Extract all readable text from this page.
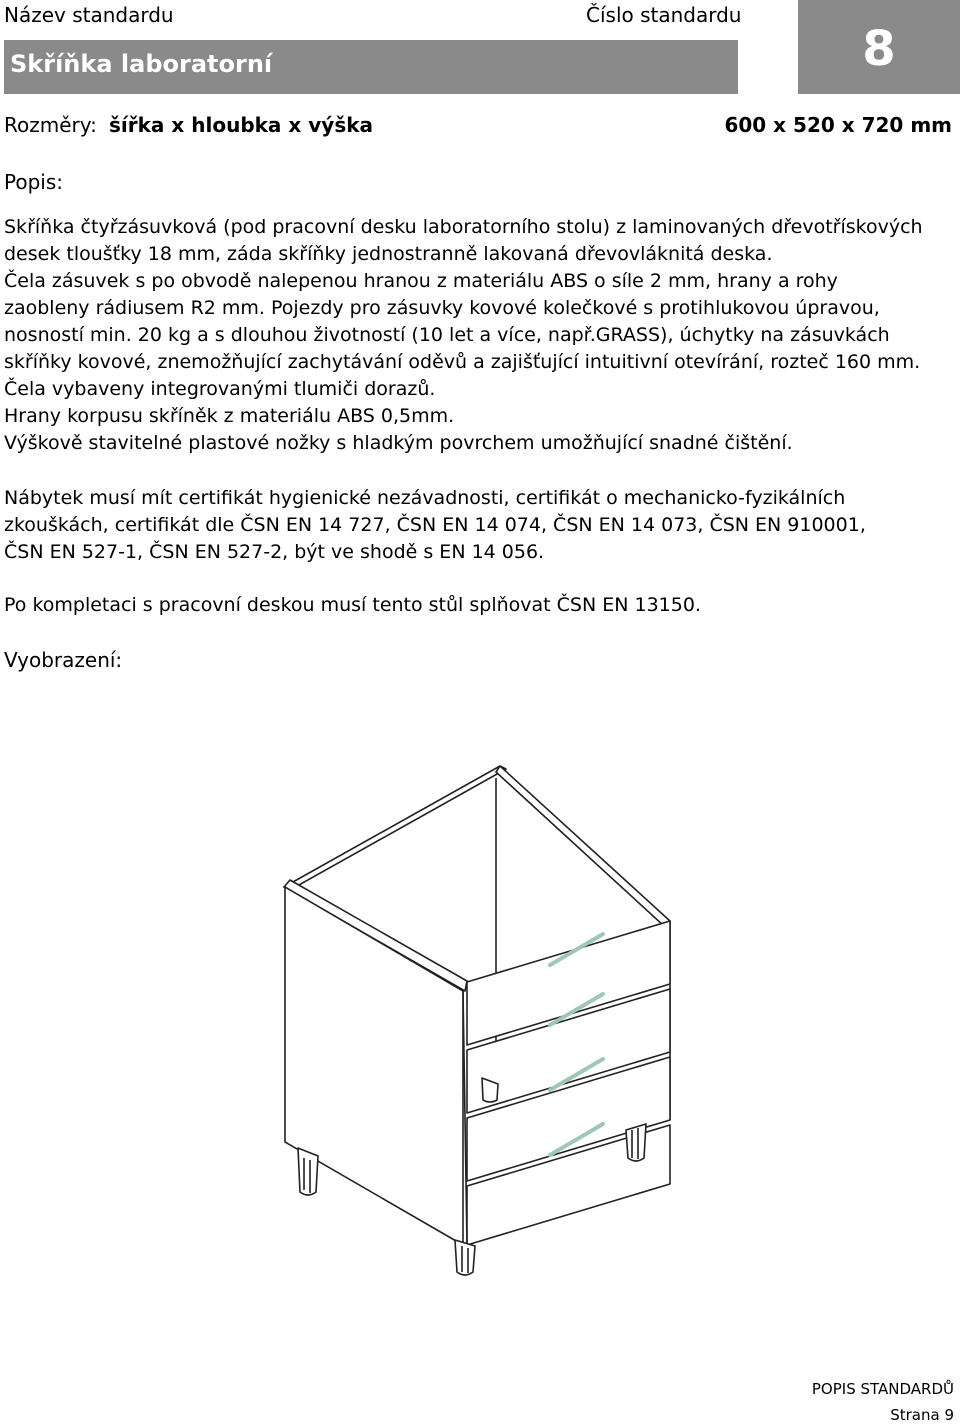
Název standardu	Číslo standardu
Skříňka laboratorní	8
Rozměry: šířka x hloubka x výška	600 x 520 x 720 mm
Popis:
Skříňka čtyřzásuvková (pod pracovní desku laboratorního stolu) z laminovaných dřevotřískových
desek tloušťky 18 mm, záda skříňky jednostranně lakovaná dřevovláknitá deska.
Čela zásuvek s po obvodě nalepenou hranou z materiálu ABS o síle 2 mm, hrany a rohy
zaobleny rádiusem R2 mm. Pojezdy pro zásuvky kovové kolečkové s protihlukovou úpravou,
nosností min. 20 kg a s dlouhou životností (10 let a více, např.GRASS), úchytky na zásuvkách
skříňky kovové, znemožňující zachytávání oděvů a zajišťující intuitivní otevírání, rozteč 160 mm.
Čela vybaveny integrovanými tlumiči dorazů.
Hrany korpusu skříněk z materiálu ABS 0,5mm.
Výškově stavitelné plastové nožky s hladkým povrchem umožňující snadné čištění.
Nábytek musí mít certifikát hygienické nezávadnosti, certifikát o mechanicko-fyzikálních
zkouškách, certifikát dle ČSN EN 14 727, ČSN EN 14 074, ČSN EN 14 073, ČSN EN 910001,
ČSN EN 527-1, ČSN EN 527-2, být ve shodě s EN 14 056.
Po kompletaci s pracovní deskou musí tento stůl splňovat ČSN EN 13150.
Vyobrazení:
POPIS STANDARDŮ
Strana 9
